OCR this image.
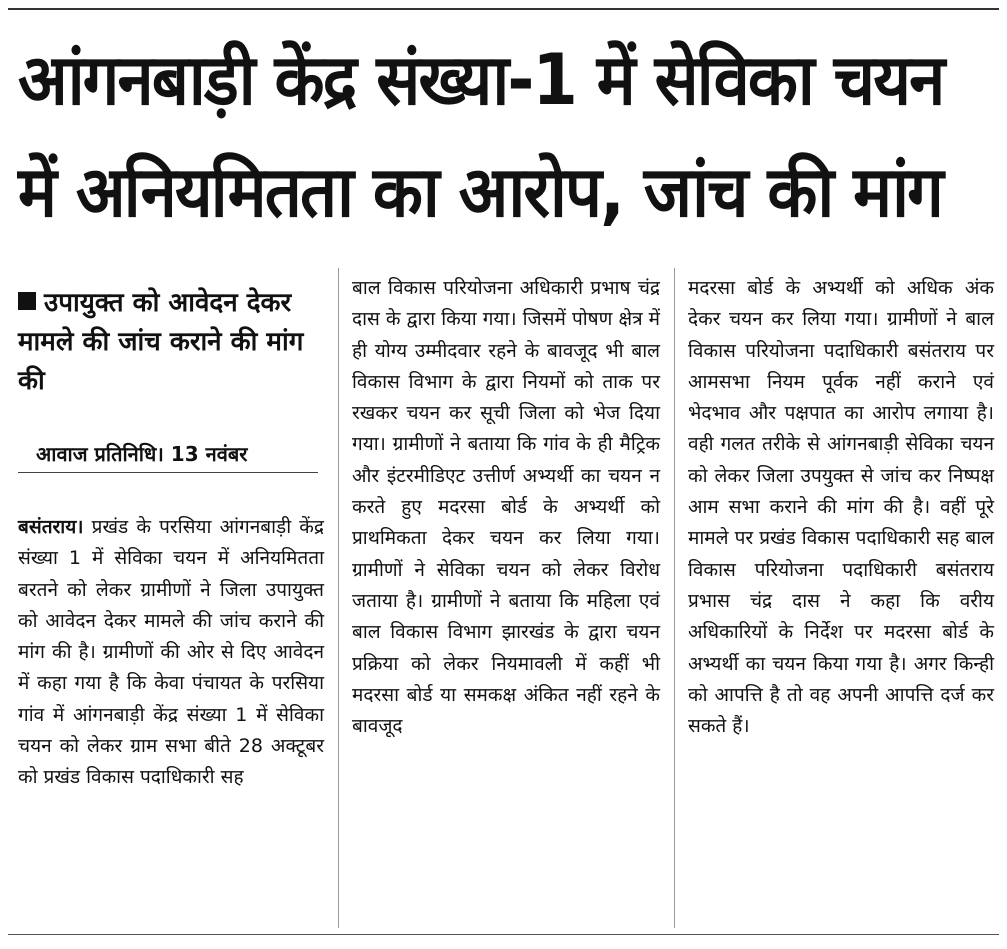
आंगनबाड़ी केंद्र संख्या-1 में सेविका चयन
में अनियमितता का आरोप, जांच की मांग
उपायुक्त को आवेदन देकर मामले की जांच कराने की मांग की
आवाज प्रतिनिधि। 13 नवंबर

बसंतराय। प्रखंड के परसिया आंगनबाड़ी केंद्र संख्या 1 में सेविका चयन में अनियमितता बरतने को लेकर ग्रामीणों ने जिला उपायुक्त को आवेदन देकर मामले की जांच कराने की मांग की है। ग्रामीणों की ओर से दिए आवेदन में कहा गया है कि केवा पंचायत के परसिया गांव में आंगनबाड़ी केंद्र संख्या 1 में सेविका चयन को लेकर ग्राम सभा बीते 28 अक्टूबर को प्रखंड विकास पदाधिकारी सह

बाल विकास परियोजना अधिकारी प्रभाष चंद्र दास के द्वारा किया गया। जिसमें पोषण क्षेत्र में ही योग्य उम्मीदवार रहने के बावजूद भी बाल विकास विभाग के द्वारा नियमों को ताक पर रखकर चयन कर सूची जिला को भेज दिया गया। ग्रामीणों ने बताया कि गांव के ही मैट्रिक और इंटरमीडिएट उत्तीर्ण अभ्यर्थी का चयन न करते हुए मदरसा बोर्ड के अभ्यर्थी को प्राथमिकता देकर चयन कर लिया गया। ग्रामीणों ने सेविका चयन को लेकर विरोध जताया है। ग्रामीणों ने बताया कि महिला एवं बाल विकास विभाग झारखंड के द्वारा चयन प्रक्रिया को लेकर नियमावली में कहीं भी मदरसा बोर्ड या समकक्ष अंकित नहीं रहने के बावजूद

मदरसा बोर्ड के अभ्यर्थी को अधिक अंक देकर चयन कर लिया गया। ग्रामीणों ने बाल विकास परियोजना पदाधिकारी बसंतराय पर आमसभा नियम पूर्वक नहीं कराने एवं भेदभाव और पक्षपात का आरोप लगाया है। वही गलत तरीके से आंगनबाड़ी सेविका चयन को लेकर जिला उपयुक्त से जांच कर निष्पक्ष आम सभा कराने की मांग की है। वहीं पूरे मामले पर प्रखंड विकास पदाधिकारी सह बाल विकास परियोजना पदाधिकारी बसंतराय प्रभास चंद्र दास ने कहा कि वरीय अधिकारियों के निर्देश पर मदरसा बोर्ड के अभ्यर्थी का चयन किया गया है। अगर किन्ही को आपत्ति है तो वह अपनी आपत्ति दर्ज कर सकते हैं।
